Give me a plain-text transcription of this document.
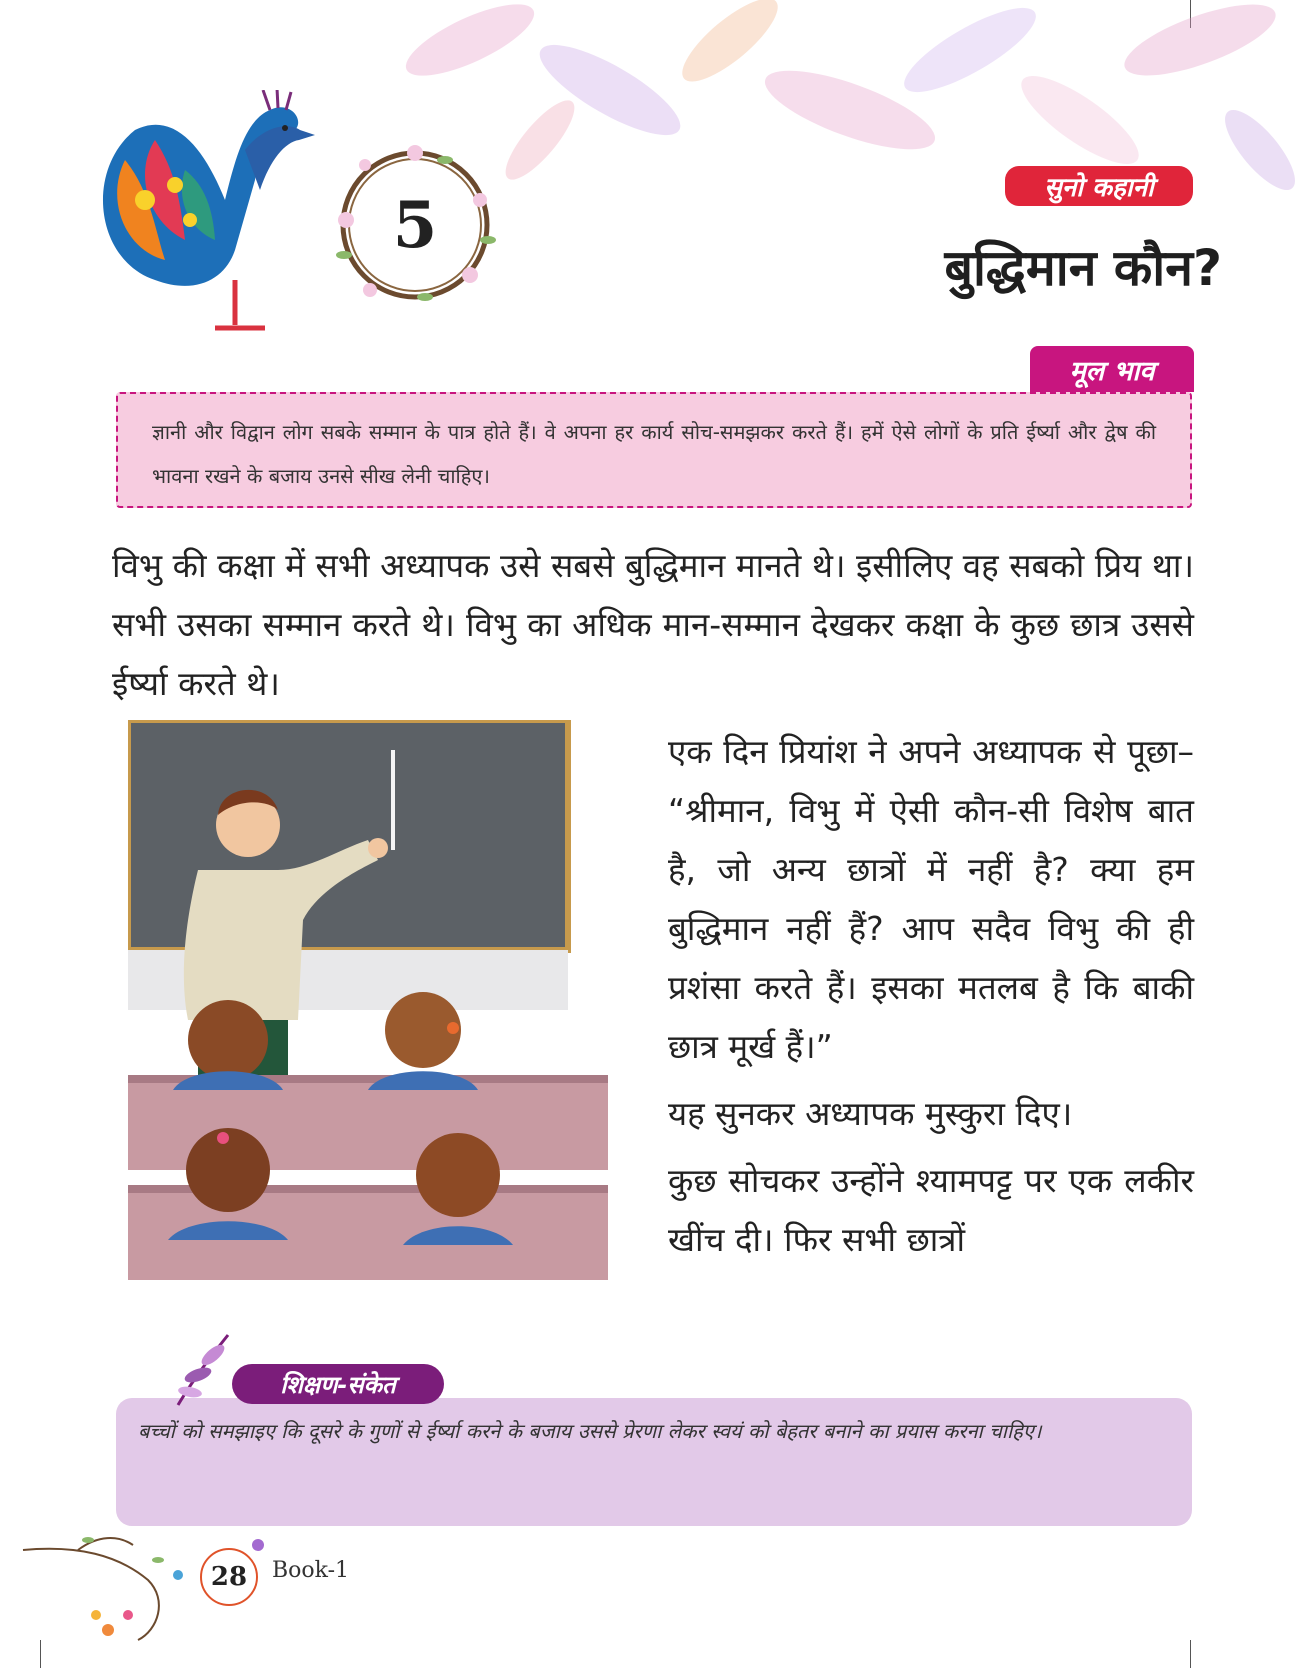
5	सुनो कहानी
बुद्धिमान कौन?
मूल भाव
ज्ञानी और विद्वान लोग सबके सम्मान के पात्र होते हैं। वे अपना हर कार्य सोच-समझकर करते हैं। हमें ऐसे लोगों के प्रति ईर्ष्या और द्वेष की भावना रखने के बजाय उनसे सीख लेनी चाहिए।
विभु की कक्षा में सभी अध्यापक उसे सबसे बुद्धिमान मानते थे। इसीलिए वह सबको प्रिय था। सभी उसका सम्मान करते थे। विभु का अधिक मान-सम्मान देखकर कक्षा के कुछ छात्र उससे ईर्ष्या करते थे।

एक दिन प्रियांश ने अपने अध्यापक से पूछा– “श्रीमान, विभु में ऐसी कौन-सी विशेष बात है, जो अन्य छात्रों में नहीं है? क्या हम बुद्धिमान नहीं हैं? आप सदैव विभु की ही प्रशंसा करते हैं। इसका मतलब है कि बाकी छात्र मूर्ख हैं।”

यह सुनकर अध्यापक मुस्कुरा दिए।

कुछ सोचकर उन्होंने श्यामपट्ट पर एक लकीर खींच दी। फिर सभी छात्रों

बच्चों को समझाइए कि दूसरे के गुणों से ईर्ष्या करने के बजाय उससे प्रेरणा लेकर स्वयं को बेहतर बनाने का प्रयास करना चाहिए।
शिक्षण-संकेत
28	Book-1
